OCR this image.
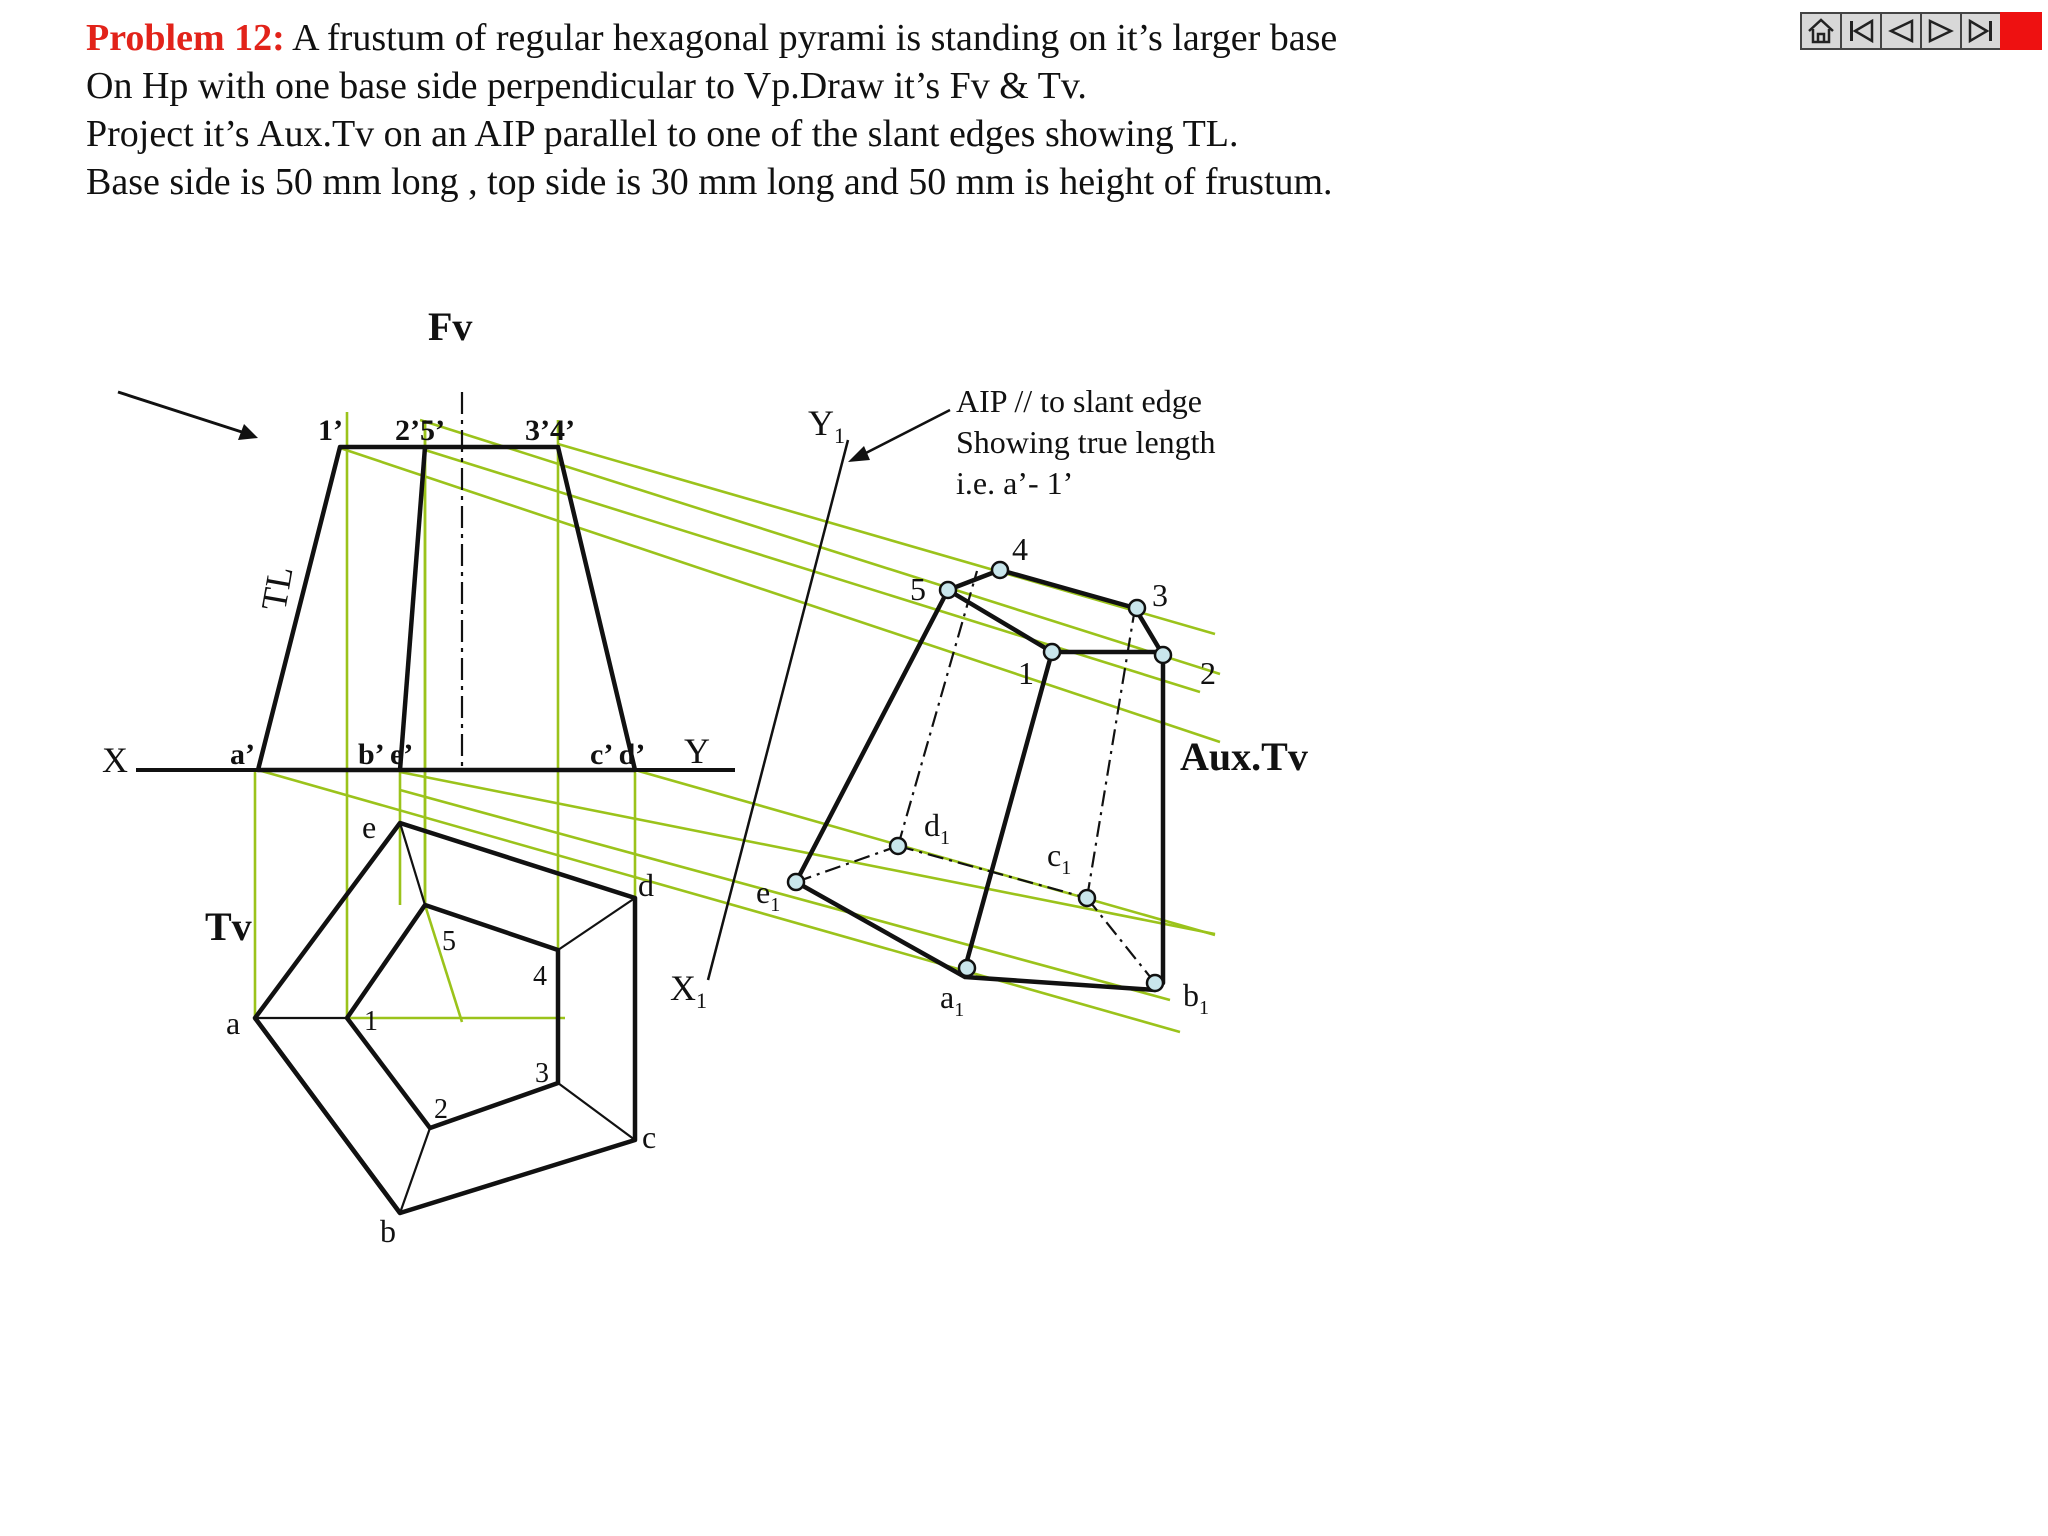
Problem 12: A frustum of regular hexagonal pyrami is standing on it’s larger base
On Hp with one base side perpendicular to Vp.Draw it’s Fv & Tv.
Project it’s Aux.Tv on an AIP parallel to one of the slant edges showing TL.
Base side is 50 mm long , top side is 30 mm long and 50 mm is height of frustum.
X	Y
Fv
1’ 2’5’	3’4’
a’	b’ e’	c’ d’
TL
Tv
a
b
c
d
e
1
2
3
4
5
$Y_1$
$X_1$
AIP // to slant edge
Showing true length
i.e. a’- 1’
Aux.Tv
1	2
3
4
5
$a_1$	$b_1$
$c_1$
$d_1$
$e_1$
